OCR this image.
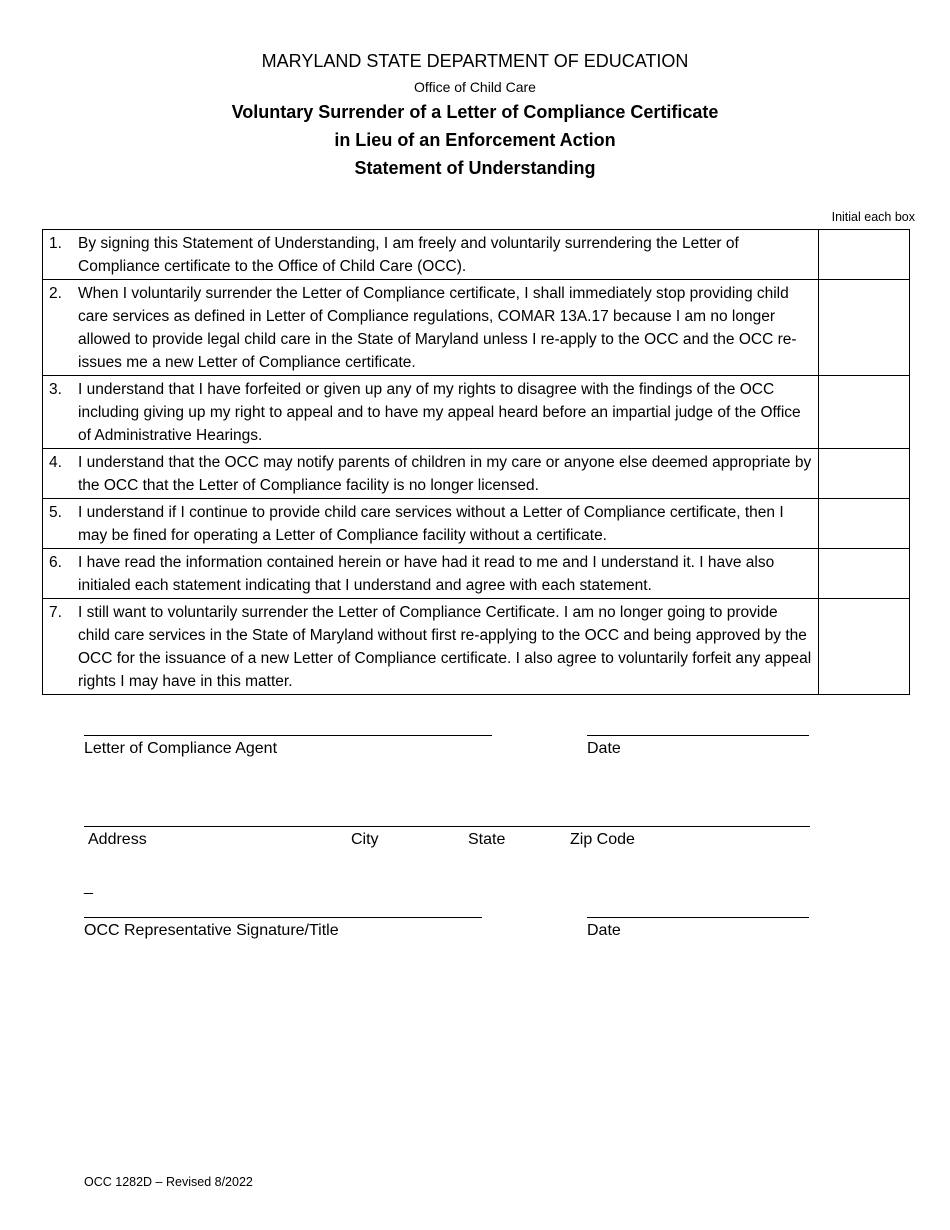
MARYLAND STATE DEPARTMENT OF EDUCATION
Office of Child Care
Voluntary Surrender of a Letter of Compliance Certificate
in Lieu of an Enforcement Action
Statement of Understanding
Initial each box
1. By signing this Statement of Understanding, I am freely and voluntarily surrendering the Letter of Compliance certificate to the Office of Child Care (OCC).	

2. When I voluntarily surrender the Letter of Compliance certificate, I shall immediately stop providing child care services as defined in Letter of Compliance regulations, COMAR 13A.17 because I am no longer allowed to provide legal child care in the State of Maryland unless I re-apply to the OCC and the OCC re-issues me a new Letter of Compliance certificate.	

3. I understand that I have forfeited or given up any of my rights to disagree with the findings of the OCC including giving up my right to appeal and to have my appeal heard before an impartial judge of the Office of Administrative Hearings.	

4. I understand that the OCC may notify parents of children in my care or anyone else deemed appropriate by the OCC that the Letter of Compliance facility is no longer licensed.	

5. I understand if I continue to provide child care services without a Letter of Compliance certificate, then I may be fined for operating a Letter of Compliance facility without a certificate.	

6. I have read the information contained herein or have had it read to me and I understand it. I have also initialed each statement indicating that I understand and agree with each statement.	

7. I still want to voluntarily surrender the Letter of Compliance Certificate. I am no longer going to provide child care services in the State of Maryland without first re-applying to the OCC and being approved by the OCC for the issuance of a new Letter of Compliance certificate. I also agree to voluntarily forfeit any appeal rights I may have in this matter.	

Letter of Compliance Agent	Date
Address	City	State	Zip Code
_
OCC Representative Signature/Title	Date
OCC 1282D – Revised 8/2022
